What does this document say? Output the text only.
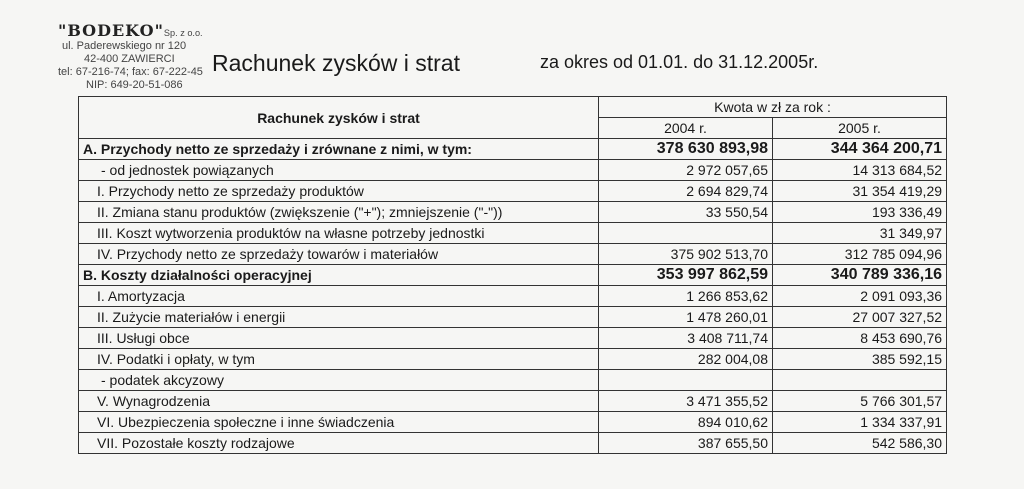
"BODEKO"Sp. z o.o.
ul. Paderewskiego nr 120
42-400 ZAWIERCI
tel: 67-216-74; fax: 67-222-45
NIP: 649-20-51-086
Rachunek zysków i strat	za okres od 01.01. do 31.12.2005r.
Rachunek zysków i strat	Kwota w zł za rok :	
	2004 r.	2005 r.
A. Przychody netto ze sprzedaży i zrównane z nimi, w tym:	378 630 893,98	344 364 200,71
- od jednostek powiązanych	2 972 057,65	14 313 684,52
I. Przychody netto ze sprzedaży produktów	2 694 829,74	31 354 419,29
II. Zmiana stanu produktów (zwiększenie ("+"); zmniejszenie ("-"))	33 550,54	193 336,49
III. Koszt wytworzenia produktów na własne potrzeby jednostki		31 349,97
IV. Przychody netto ze sprzedaży towarów i materiałów	375 902 513,70	312 785 094,96
B. Koszty działalności operacyjnej	353 997 862,59	340 789 336,16
I. Amortyzacja	1 266 853,62	2 091 093,36
II. Zużycie materiałów i energii	1 478 260,01	27 007 327,52
III. Usługi obce	3 408 711,74	8 453 690,76
IV. Podatki i opłaty, w tym	282 004,08	385 592,15
- podatek akcyzowy		
V. Wynagrodzenia	3 471 355,52	5 766 301,57
VI. Ubezpieczenia społeczne i inne świadczenia	894 010,62	1 334 337,91
VII. Pozostałe koszty rodzajowe	387 655,50	542 586,30
